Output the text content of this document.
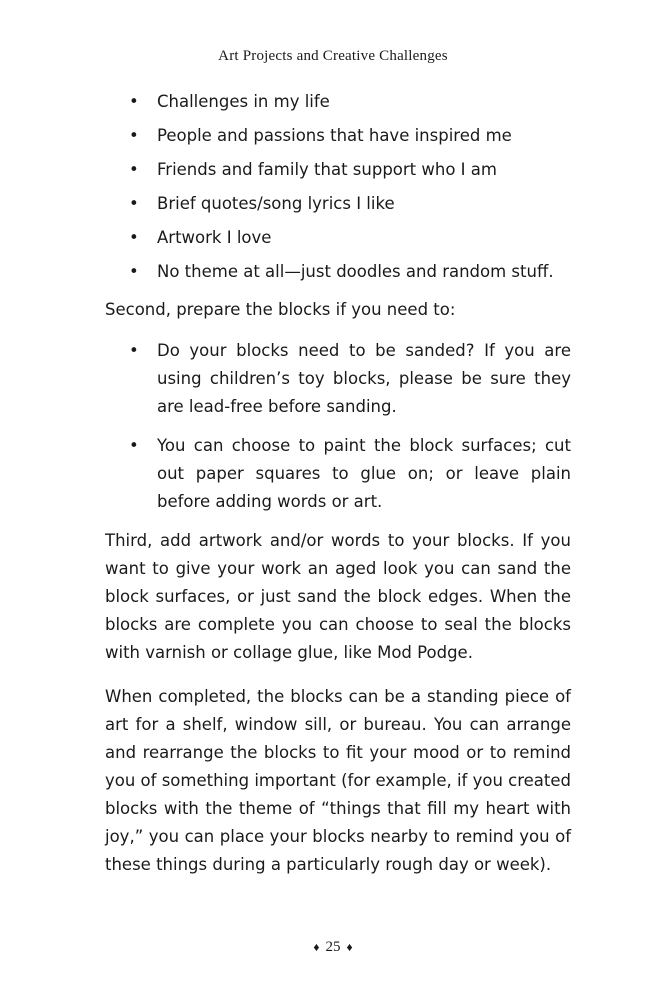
Art Projects and Creative Challenges
• Challenges in my life
• People and passions that have inspired me
• Friends and family that support who I am
• Brief quotes/song lyrics I like
• Artwork I love
• No theme at all—just doodles and random stuff.

Second, prepare the blocks if you need to:

• Do your blocks need to be sanded? If you are using children’s toy blocks, please be sure they are lead-free before sanding.
• You can choose to paint the block surfaces; cut out paper squares to glue on; or leave plain before adding words or art.

Third, add artwork and/or words to your blocks. If you want to give your work an aged look you can sand the block surfaces, or just sand the block edges. When the blocks are complete you can choose to seal the blocks with varnish or collage glue, like Mod Podge.

When completed, the blocks can be a standing piece of art for a shelf, window sill, or bureau. You can arrange and rearrange the blocks to fit your mood or to remind you of something important (for example, if you created blocks with the theme of “things that fill my heart with joy,” you can place your blocks nearby to remind you of these things during a particularly rough day or week).

♦ 25 ♦
